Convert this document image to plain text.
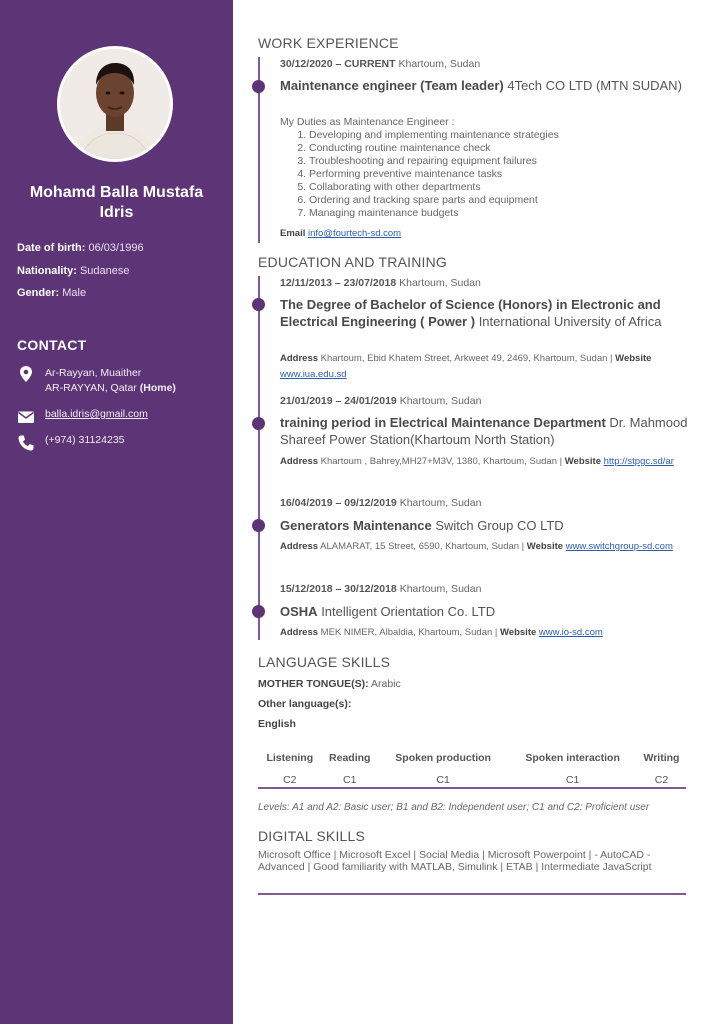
Mohamd Balla Mustafa Idris
Date of birth: 06/03/1996
Nationality: Sudanese
Gender: Male
CONTACT
Ar-Rayyan, Muaither
AR-RAYYAN, Qatar (Home)
balla.idris@gmail.com
(+974) 31124235
WORK EXPERIENCE
30/12/2020 – CURRENT Khartoum, Sudan
Maintenance engineer (Team leader) 4Tech CO LTD (MTN SUDAN)
My Duties as Maintenance Engineer :
1. Developing and implementing maintenance strategies
2. Conducting routine maintenance check
3. Troubleshooting and repairing equipment failures
4. Performing preventive maintenance tasks
5. Collaborating with other departments
6. Ordering and tracking spare parts and equipment
7. Managing maintenance budgets
Email info@fourtech-sd.com
EDUCATION AND TRAINING
12/11/2013 – 23/07/2018 Khartoum, Sudan
The Degree of Bachelor of Science (Honors) in Electronic and Electrical Engineering ( Power ) International University of Africa
Address Khartoum, Ebid Khatem Street, Arkweet 49, 2469, Khartoum, Sudan | Website www.iua.edu.sd
21/01/2019 – 24/01/2019 Khartoum, Sudan
training period in Electrical Maintenance Department Dr. Mahmood Shareef Power Station(Khartoum North Station)
Address Khartoum , Bahrey,MH27+M3V, 1380, Khartoum, Sudan | Website http://stpgc.sd/ar
16/04/2019 – 09/12/2019 Khartoum, Sudan
Generators Maintenance Switch Group CO LTD
Address ALAMARAT, 15 Street, 6590, Khartoum, Sudan | Website www.switchgroup-sd.com
15/12/2018 – 30/12/2018 Khartoum, Sudan
OSHA Intelligent Orientation Co. LTD
Address MEK NIMER, Albaldia, Khartoum, Sudan | Website www.io-sd.com
LANGUAGE SKILLS
MOTHER TONGUE(S): Arabic
Other language(s):
English
Listening	Reading	Spoken production	Spoken interaction	Writing
C2	C1	C1	C1	C2
Levels: A1 and A2: Basic user; B1 and B2: Independent user; C1 and C2: Proficient user
DIGITAL SKILLS
Microsoft Office | Microsoft Excel | Social Media | Microsoft Powerpoint | - AutoCAD - Advanced | Good familiarity with MATLAB, Simulink | ETAB | Intermediate JavaScript
